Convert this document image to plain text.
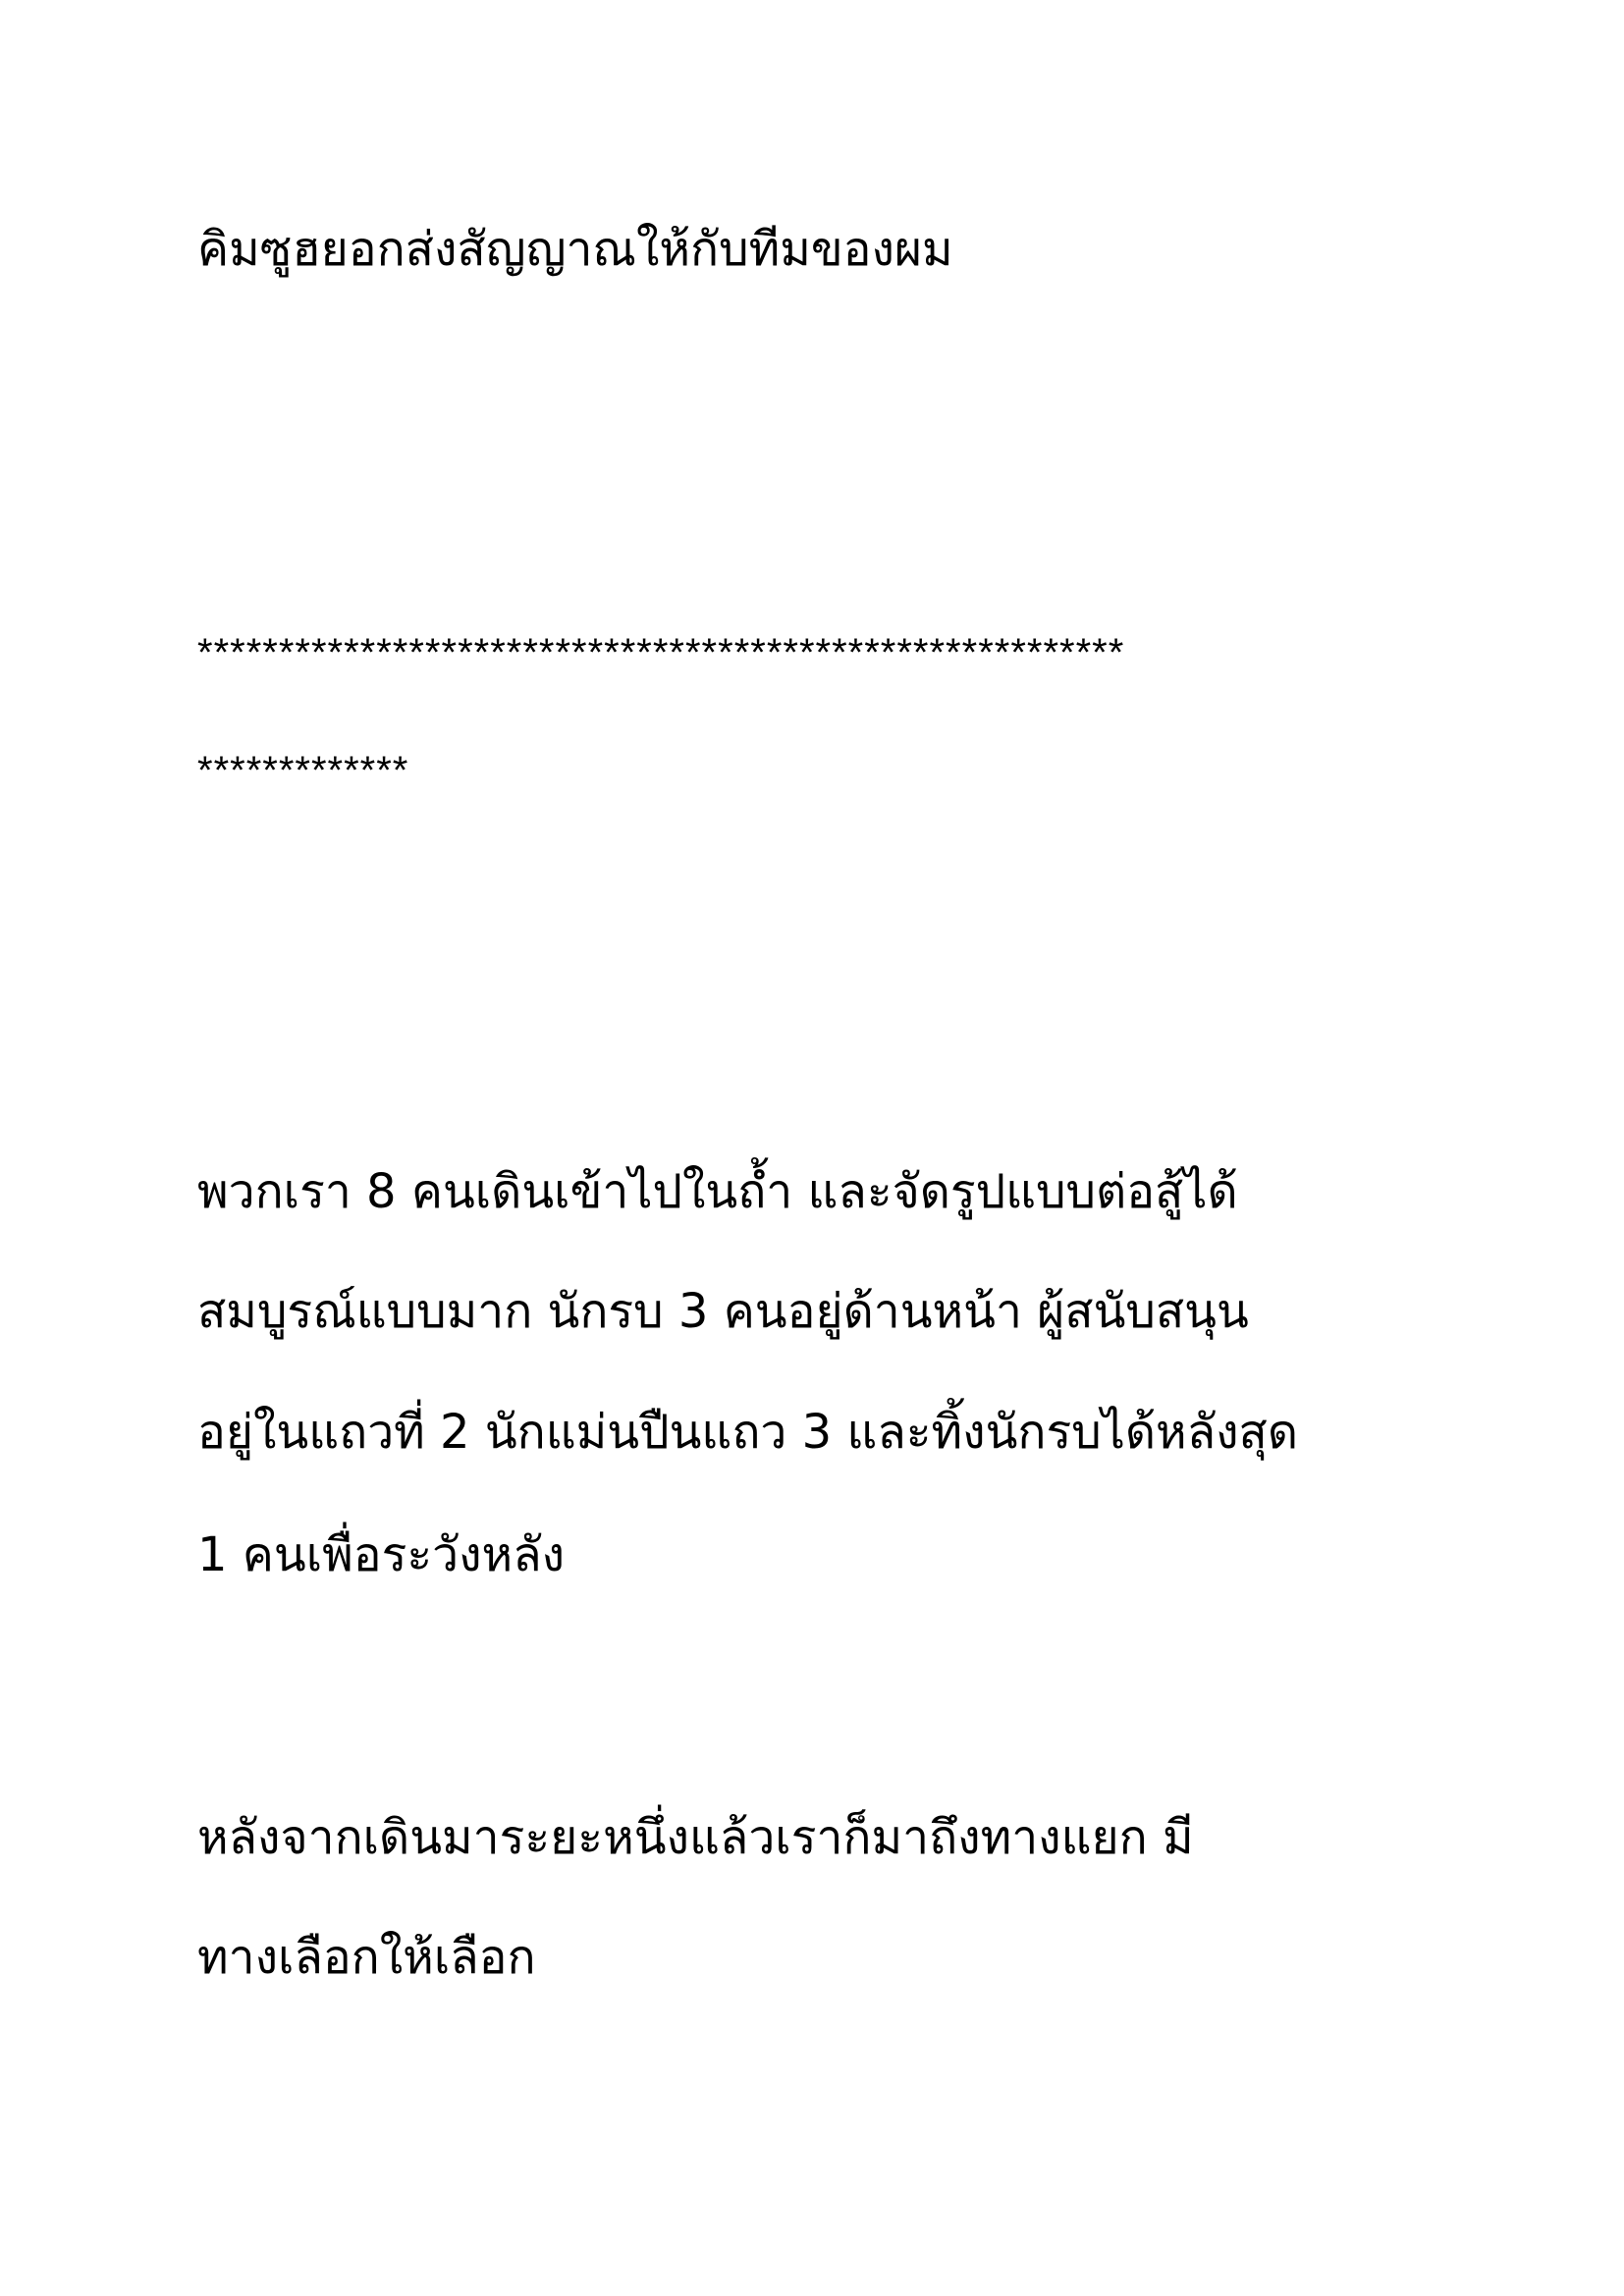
คิมซูฮยอกส่งสัญญาณให้กับทีมของผม

*********************************************************
*************

พวกเรา 8 คนเดินเข้าไปในถ้ำ และจัดรูปแบบต่อสู้ได้

สมบูรณ์แบบมาก นักรบ 3 คนอยู่ด้านหน้า ผู้สนับสนุน

อยู่ในแถวที่ 2 นักแม่นปืนแถว 3 และทิ้งนักรบได้หลังสุด

1 คนเพื่อระวังหลัง

หลังจากเดินมาระยะหนึ่งแล้วเราก็มาถึงทางแยก มี

ทางเลือกให้เลือก
